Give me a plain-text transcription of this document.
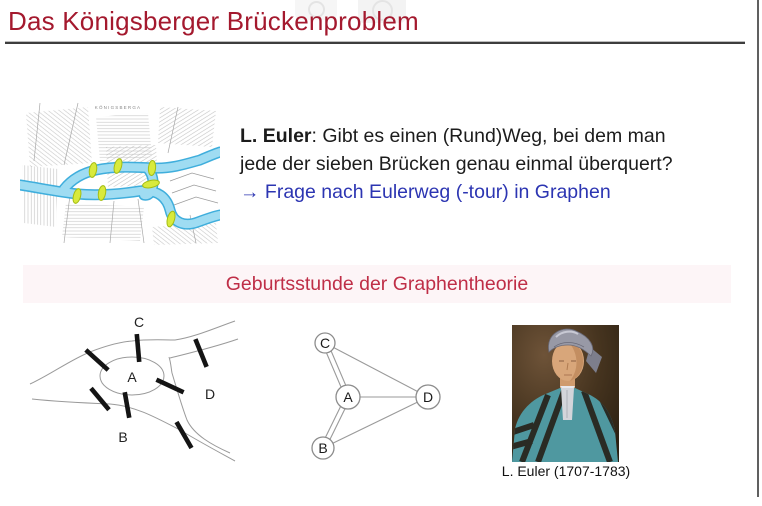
Das Königsberger Brückenproblem
KÖNIGSBERGA
L. Euler: Gibt es einen (Rund)Weg, bei dem man
jede der sieben Brücken genau einmal überquert?
→ Frage nach Eulerweg (-tour) in Graphen
Geburtsstunde der Graphentheorie
C
A
D
B
C
A	D
B
L. Euler (1707-1783)
